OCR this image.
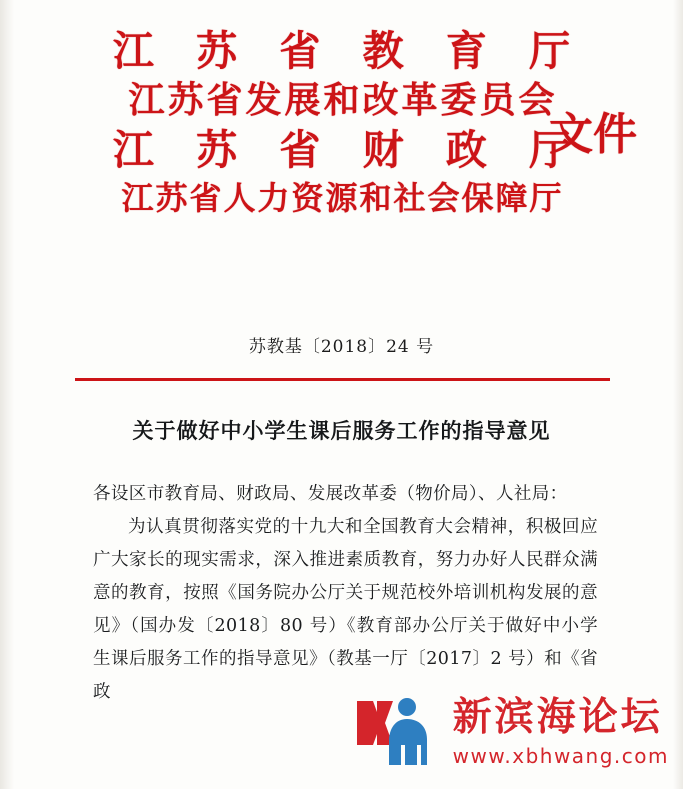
江 苏 省 教 育 厅
江苏省发展和改革委员会
江 苏 省 财 政 厅
江苏省人力资源和社会保障厅
文件
苏教基〔2018〕24 号
关于做好中小学生课后服务工作的指导意见

各设区市教育局、财政局、发展改革委（物价局）、人社局：

为认真贯彻落实党的十九大和全国教育大会精神，积极回应广大家长的现实需求，深入推进素质教育，努力办好人民群众满意的教育，按照《国务院办公厅关于规范校外培训机构发展的意见》（国办发〔2018〕80 号）《教育部办公厅关于做好中小学生课后服务工作的指导意见》（教基一厅〔2017〕2 号）和《省政

新滨海论坛
www.xbhwang.com
